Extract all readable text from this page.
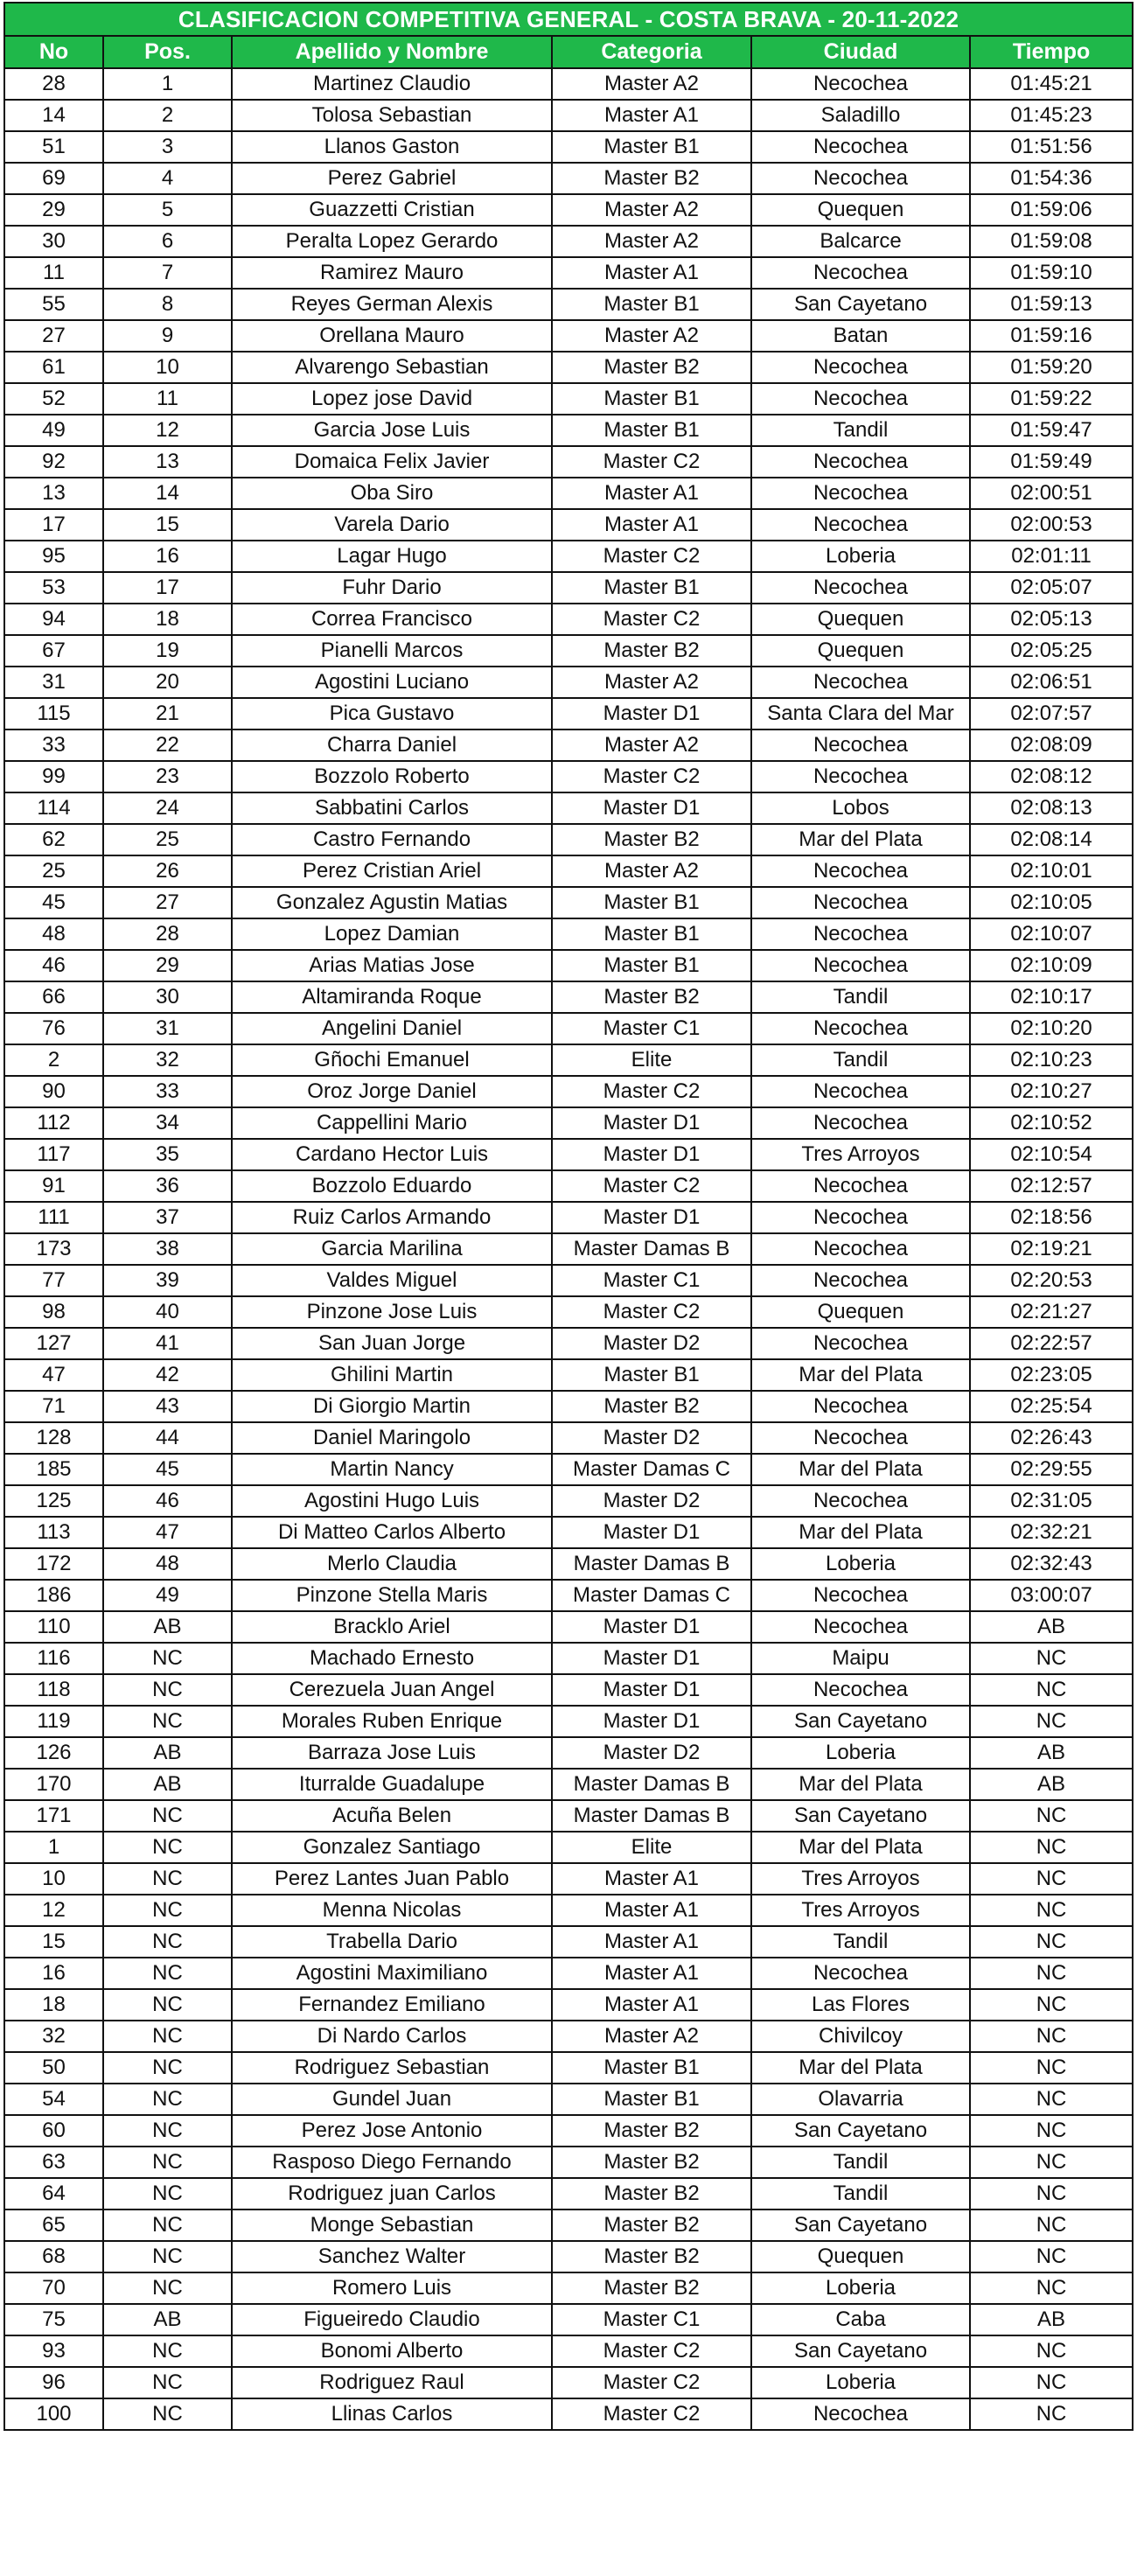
CLASIFICACION COMPETITIVA GENERAL - COSTA BRAVA - 20-11-2022					
No	Pos.	Apellido y Nombre	Categoria	Ciudad	Tiempo
28	1	Martinez Claudio	Master A2	Necochea	01:45:21
14	2	Tolosa Sebastian	Master A1	Saladillo	01:45:23
51	3	Llanos Gaston	Master B1	Necochea	01:51:56
69	4	Perez Gabriel	Master B2	Necochea	01:54:36
29	5	Guazzetti Cristian	Master A2	Quequen	01:59:06
30	6	Peralta Lopez Gerardo	Master A2	Balcarce	01:59:08
11	7	Ramirez Mauro	Master A1	Necochea	01:59:10
55	8	Reyes German Alexis	Master B1	San Cayetano	01:59:13
27	9	Orellana Mauro	Master A2	Batan	01:59:16
61	10	Alvarengo Sebastian	Master B2	Necochea	01:59:20
52	11	Lopez jose David	Master B1	Necochea	01:59:22
49	12	Garcia Jose Luis	Master B1	Tandil	01:59:47
92	13	Domaica Felix Javier	Master C2	Necochea	01:59:49
13	14	Oba Siro	Master A1	Necochea	02:00:51
17	15	Varela Dario	Master A1	Necochea	02:00:53
95	16	Lagar Hugo	Master C2	Loberia	02:01:11
53	17	Fuhr Dario	Master B1	Necochea	02:05:07
94	18	Correa Francisco	Master C2	Quequen	02:05:13
67	19	Pianelli Marcos	Master B2	Quequen	02:05:25
31	20	Agostini Luciano	Master A2	Necochea	02:06:51
115	21	Pica Gustavo	Master D1	Santa Clara del Mar	02:07:57
33	22	Charra Daniel	Master A2	Necochea	02:08:09
99	23	Bozzolo Roberto	Master C2	Necochea	02:08:12
114	24	Sabbatini Carlos	Master D1	Lobos	02:08:13
62	25	Castro Fernando	Master B2	Mar del Plata	02:08:14
25	26	Perez Cristian Ariel	Master A2	Necochea	02:10:01
45	27	Gonzalez Agustin Matias	Master B1	Necochea	02:10:05
48	28	Lopez Damian	Master B1	Necochea	02:10:07
46	29	Arias Matias Jose	Master B1	Necochea	02:10:09
66	30	Altamiranda Roque	Master B2	Tandil	02:10:17
76	31	Angelini Daniel	Master C1	Necochea	02:10:20
2	32	Gñochi Emanuel	Elite	Tandil	02:10:23
90	33	Oroz Jorge Daniel	Master C2	Necochea	02:10:27
112	34	Cappellini Mario	Master D1	Necochea	02:10:52
117	35	Cardano Hector Luis	Master D1	Tres Arroyos	02:10:54
91	36	Bozzolo Eduardo	Master C2	Necochea	02:12:57
111	37	Ruiz Carlos Armando	Master D1	Necochea	02:18:56
173	38	Garcia Marilina	Master Damas B	Necochea	02:19:21
77	39	Valdes Miguel	Master C1	Necochea	02:20:53
98	40	Pinzone Jose Luis	Master C2	Quequen	02:21:27
127	41	San Juan Jorge	Master D2	Necochea	02:22:57
47	42	Ghilini Martin	Master B1	Mar del Plata	02:23:05
71	43	Di Giorgio Martin	Master B2	Necochea	02:25:54
128	44	Daniel Maringolo	Master D2	Necochea	02:26:43
185	45	Martin Nancy	Master Damas C	Mar del Plata	02:29:55
125	46	Agostini Hugo Luis	Master D2	Necochea	02:31:05
113	47	Di Matteo Carlos Alberto	Master D1	Mar del Plata	02:32:21
172	48	Merlo Claudia	Master Damas B	Loberia	02:32:43
186	49	Pinzone Stella Maris	Master Damas C	Necochea	03:00:07
110	AB	Bracklo Ariel	Master D1	Necochea	AB
116	NC	Machado Ernesto	Master D1	Maipu	NC
118	NC	Cerezuela Juan Angel	Master D1	Necochea	NC
119	NC	Morales Ruben Enrique	Master D1	San Cayetano	NC
126	AB	Barraza Jose Luis	Master D2	Loberia	AB
170	AB	Iturralde Guadalupe	Master Damas B	Mar del Plata	AB
171	NC	Acuña Belen	Master Damas B	San Cayetano	NC
1	NC	Gonzalez Santiago	Elite	Mar del Plata	NC
10	NC	Perez Lantes Juan Pablo	Master A1	Tres Arroyos	NC
12	NC	Menna Nicolas	Master A1	Tres Arroyos	NC
15	NC	Trabella Dario	Master A1	Tandil	NC
16	NC	Agostini Maximiliano	Master A1	Necochea	NC
18	NC	Fernandez Emiliano	Master A1	Las Flores	NC
32	NC	Di Nardo Carlos	Master A2	Chivilcoy	NC
50	NC	Rodriguez Sebastian	Master B1	Mar del Plata	NC
54	NC	Gundel Juan	Master B1	Olavarria	NC
60	NC	Perez Jose Antonio	Master B2	San Cayetano	NC
63	NC	Rasposo Diego Fernando	Master B2	Tandil	NC
64	NC	Rodriguez juan Carlos	Master B2	Tandil	NC
65	NC	Monge Sebastian	Master B2	San Cayetano	NC
68	NC	Sanchez Walter	Master B2	Quequen	NC
70	NC	Romero Luis	Master B2	Loberia	NC
75	AB	Figueiredo Claudio	Master C1	Caba	AB
93	NC	Bonomi Alberto	Master C2	San Cayetano	NC
96	NC	Rodriguez Raul	Master C2	Loberia	NC
100	NC	Llinas Carlos	Master C2	Necochea	NC
